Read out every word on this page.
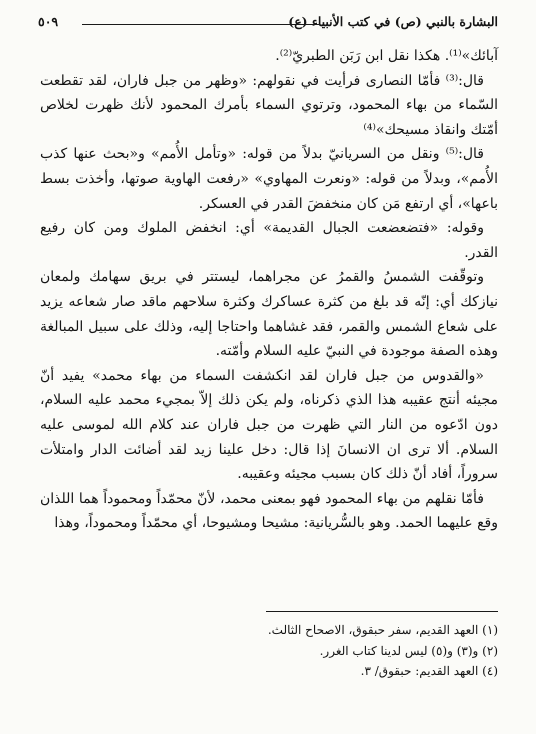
البشارة بالنبي (ص) في كتب الأنبياء (ع)
٥٠٩

آبائك»⁽¹⁾. هكذا نقل ابن رَبَن الطبريّ⁽²⁾.

قال:⁽³⁾ فأمّا النصارى فرأيت في نقولهم: «وظهر من جبل فاران، لقد تقطعت السّماء من بهاء المحمود، وترتوي السماء بأمرك المحمود لأنك ظهرت لخلاص أمّتك وانقاذ مسيحك»⁽⁴⁾

قال:⁽⁵⁾ ونقل من السريانيّ بدلاً من قوله: «وتأمل الأُمم» و«بحث عنها كذب الأُمم»، وبدلاً من قوله: «ونعرت المهاوي» «رفعت الهاوية صوتها، وأخذت بسط باعها»، أي ارتفع مَن كان منخفضَ القدر في العسكر.

وقوله: «فتضعضعت الجبال القديمة» أي: انخفض الملوك ومن كان رفيع القدر.

وتوقّفت الشمسُ والقمرُ عن مجراهما، ليستتر في بريق سهامك ولمعان نيازكك أي: إنّه قد بلغ من كثرة عساكرك وكثرة سلاحهم ماقد صار شعاعه يزيد على شعاع الشمس والقمر، فقد غشاهما واحتاجا إليه، وذلك على سبيل المبالغة وهذه الصفة موجودة في النبيّ عليه السلام وأمّته.

«والقدوس من جبل فاران لقد انكشفت السماء من بهاء محمد» يفيد أنّ مجيئه أنتج عقيبه هذا الذي ذكرناه، ولم يكن ذلك إلاّ بمجيء محمد عليه السلام، دون ادّعوه من النار التي ظهرت من جبل فاران عند كلام الله لموسى عليه السلام. ألا ترى ان الانسانَ إذا قال: دخل علينا زيد لقد أضائت الدار وامتلأت سروراً، أفاد أنّ ذلك كان بسبب مجيئه وعقيبه.

فأمّا نقلهم من بهاء المحمود فهو بمعنى محمد، لأنّ محمّداً ومحموداً هما اللذان وقع عليهما الحمد. وهو بالسُّريانية: مشيحا ومشيوحا، أي محمّداً ومحموداً، وهذا

(١) العهد القديم، سفر حبقوق، الاصحاح الثالث.
(٢) و(٣) و(٥) ليس لدينا كتاب الغرر.
(٤) العهد القديم: حبقوق/ ٣.
